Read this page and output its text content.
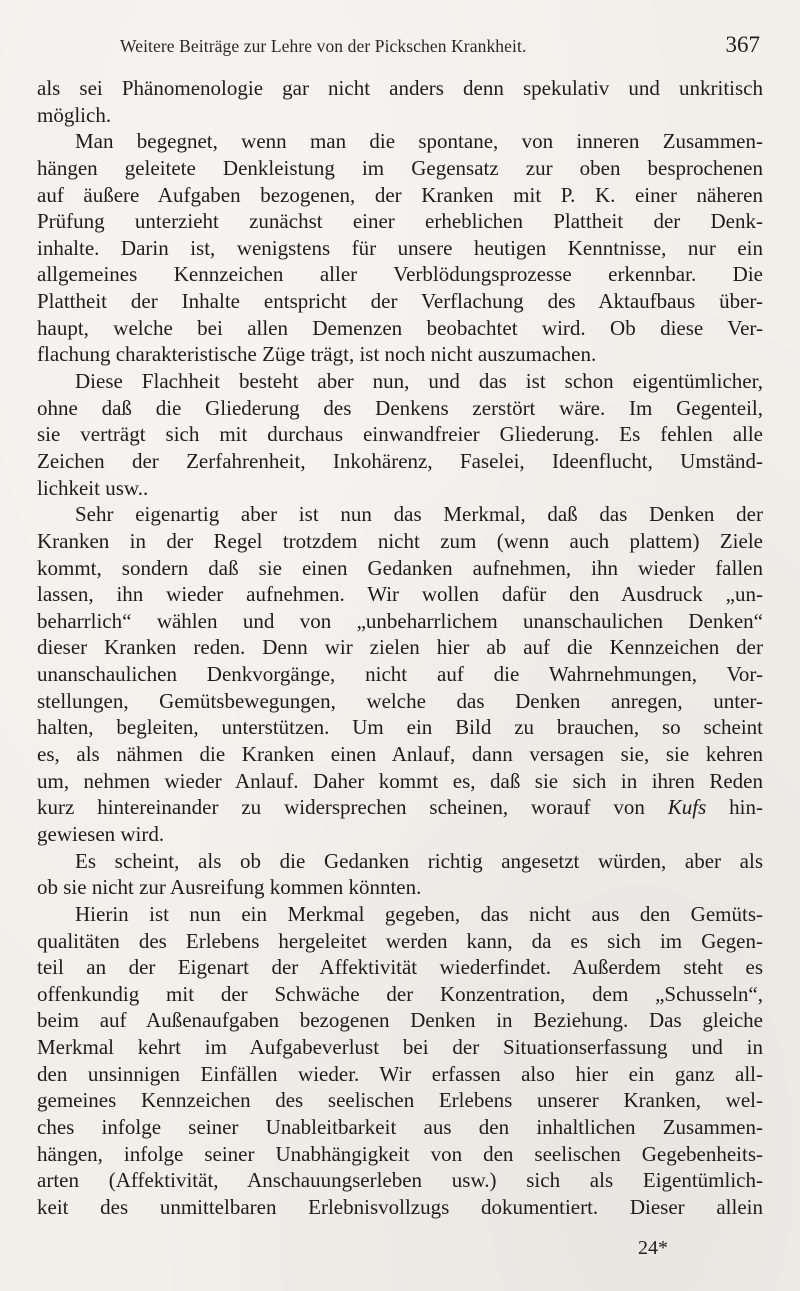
Weitere Beiträge zur Lehre von der Pickschen Krankheit.	367
als sei Phänomenologie gar nicht anders denn spekulativ und unkritisch
möglich.
Man begegnet, wenn man die spontane, von inneren Zusammen-
hängen geleitete Denkleistung im Gegensatz zur oben besprochenen
auf äußere Aufgaben bezogenen, der Kranken mit P. K. einer näheren
Prüfung unterzieht zunächst einer erheblichen Plattheit der Denk-
inhalte. Darin ist, wenigstens für unsere heutigen Kenntnisse, nur ein
allgemeines Kennzeichen aller Verblödungsprozesse erkennbar. Die
Plattheit der Inhalte entspricht der Verflachung des Aktaufbaus über-
haupt, welche bei allen Demenzen beobachtet wird. Ob diese Ver-
flachung charakteristische Züge trägt, ist noch nicht auszumachen.
Diese Flachheit besteht aber nun, und das ist schon eigentümlicher,
ohne daß die Gliederung des Denkens zerstört wäre. Im Gegenteil,
sie verträgt sich mit durchaus einwandfreier Gliederung. Es fehlen alle
Zeichen der Zerfahrenheit, Inkohärenz, Faselei, Ideenflucht, Umständ-
lichkeit usw..
Sehr eigenartig aber ist nun das Merkmal, daß das Denken der
Kranken in der Regel trotzdem nicht zum (wenn auch plattem) Ziele
kommt, sondern daß sie einen Gedanken aufnehmen, ihn wieder fallen
lassen, ihn wieder aufnehmen. Wir wollen dafür den Ausdruck „un-
beharrlich“ wählen und von „unbeharrlichem unanschaulichen Denken“
dieser Kranken reden. Denn wir zielen hier ab auf die Kennzeichen der
unanschaulichen Denkvorgänge, nicht auf die Wahrnehmungen, Vor-
stellungen, Gemütsbewegungen, welche das Denken anregen, unter-
halten, begleiten, unterstützen. Um ein Bild zu brauchen, so scheint
es, als nähmen die Kranken einen Anlauf, dann versagen sie, sie kehren
um, nehmen wieder Anlauf. Daher kommt es, daß sie sich in ihren Reden
kurz hintereinander zu widersprechen scheinen, worauf von Kufs hin-
gewiesen wird.
Es scheint, als ob die Gedanken richtig angesetzt würden, aber als
ob sie nicht zur Ausreifung kommen könnten.
Hierin ist nun ein Merkmal gegeben, das nicht aus den Gemüts-
qualitäten des Erlebens hergeleitet werden kann, da es sich im Gegen-
teil an der Eigenart der Affektivität wiederfindet. Außerdem steht es
offenkundig mit der Schwäche der Konzentration, dem „Schusseln“,
beim auf Außenaufgaben bezogenen Denken in Beziehung. Das gleiche
Merkmal kehrt im Aufgabeverlust bei der Situationserfassung und in
den unsinnigen Einfällen wieder. Wir erfassen also hier ein ganz all-
gemeines Kennzeichen des seelischen Erlebens unserer Kranken, wel-
ches infolge seiner Unableitbarkeit aus den inhaltlichen Zusammen-
hängen, infolge seiner Unabhängigkeit von den seelischen Gegebenheits-
arten (Affektivität, Anschauungserleben usw.) sich als Eigentümlich-
keit des unmittelbaren Erlebnisvollzugs dokumentiert. Dieser allein
24*
